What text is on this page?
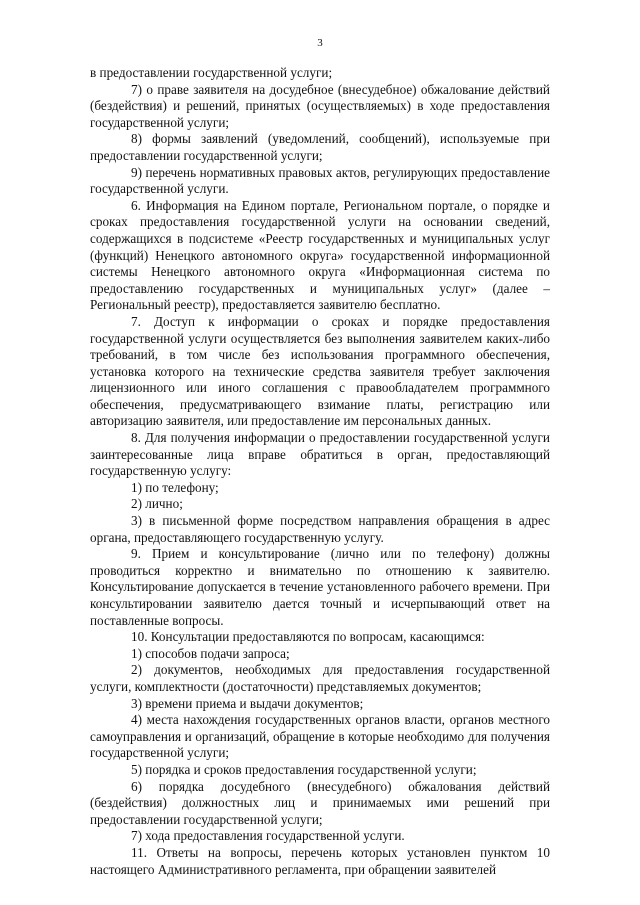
3

в предоставлении государственной услуги;

7) о праве заявителя на досудебное (внесудебное) обжалование действий (бездействия) и решений, принятых (осуществляемых) в ходе предоставления государственной услуги;

8) формы заявлений (уведомлений, сообщений), используемые при предоставлении государственной услуги;

9) перечень нормативных правовых актов, регулирующих предоставление государственной услуги.

6. Информация на Едином портале, Региональном портале, о порядке и сроках предоставления государственной услуги на основании сведений, содержащихся в подсистеме «Реестр государственных и муниципальных услуг (функций) Ненецкого автономного округа» государственной информационной системы Ненецкого автономного округа «Информационная система по предоставлению государственных и муниципальных услуг» (далее – Региональный реестр), предоставляется заявителю бесплатно.

7. Доступ к информации о сроках и порядке предоставления государственной услуги осуществляется без выполнения заявителем каких-либо требований, в том числе без использования программного обеспечения, установка которого на технические средства заявителя требует заключения лицензионного или иного соглашения с правообладателем программного обеспечения, предусматривающего взимание платы, регистрацию или авторизацию заявителя, или предоставление им персональных данных.

8. Для получения информации о предоставлении государственной услуги заинтересованные лица вправе обратиться в орган, предоставляющий государственную услугу:

1) по телефону;

2) лично;

3) в письменной форме посредством направления обращения в адрес органа, предоставляющего государственную услугу.

9. Прием и консультирование (лично или по телефону) должны проводиться корректно и внимательно по отношению к заявителю. Консультирование допускается в течение установленного рабочего времени. При консультировании заявителю дается точный и исчерпывающий ответ на поставленные вопросы.

10. Консультации предоставляются по вопросам, касающимся:

1) способов подачи запроса;

2) документов, необходимых для предоставления государственной услуги, комплектности (достаточности) представляемых документов;

3) времени приема и выдачи документов;

4) места нахождения государственных органов власти, органов местного самоуправления и организаций, обращение в которые необходимо для получения государственной услуги;

5) порядка и сроков предоставления государственной услуги;

6) порядка досудебного (внесудебного) обжалования действий (бездействия) должностных лиц и принимаемых ими решений при предоставлении государственной услуги;

7) хода предоставления государственной услуги.

11. Ответы на вопросы, перечень которых установлен пунктом 10 настоящего Административного регламента, при обращении заявителей
